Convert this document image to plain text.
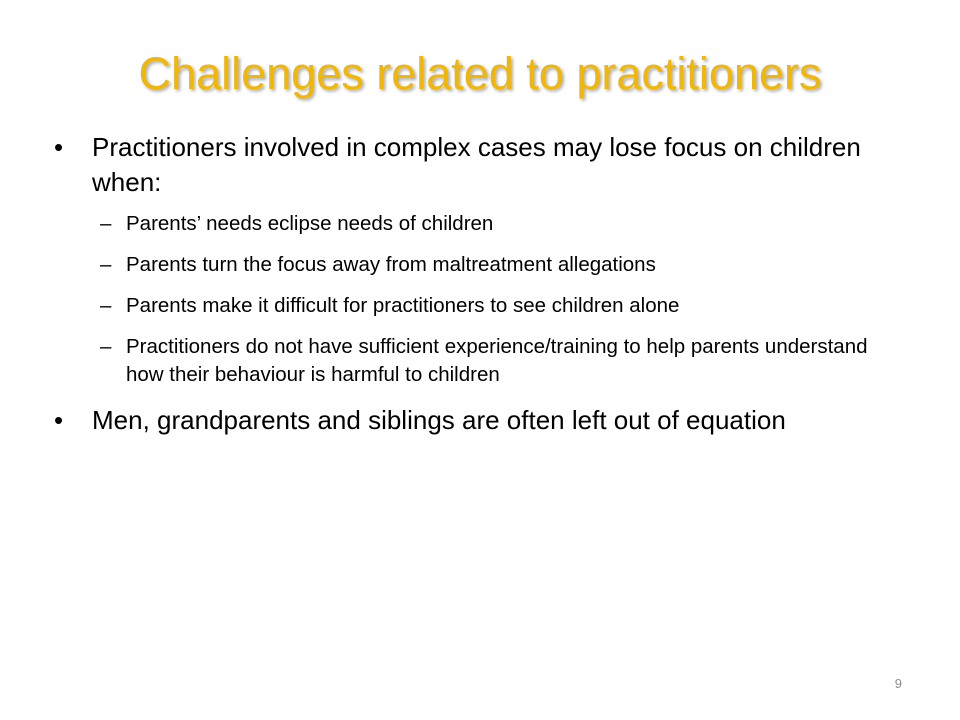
Challenges related to practitioners
• Practitioners involved in complex cases may lose focus on children when:
– Parents’ needs eclipse needs of children
– Parents turn the focus away from maltreatment allegations
– Parents make it difficult for practitioners to see children alone
– Practitioners do not have sufficient experience/training to help parents understand how their behaviour is harmful to children
• Men, grandparents and siblings are often left out of equation
9
